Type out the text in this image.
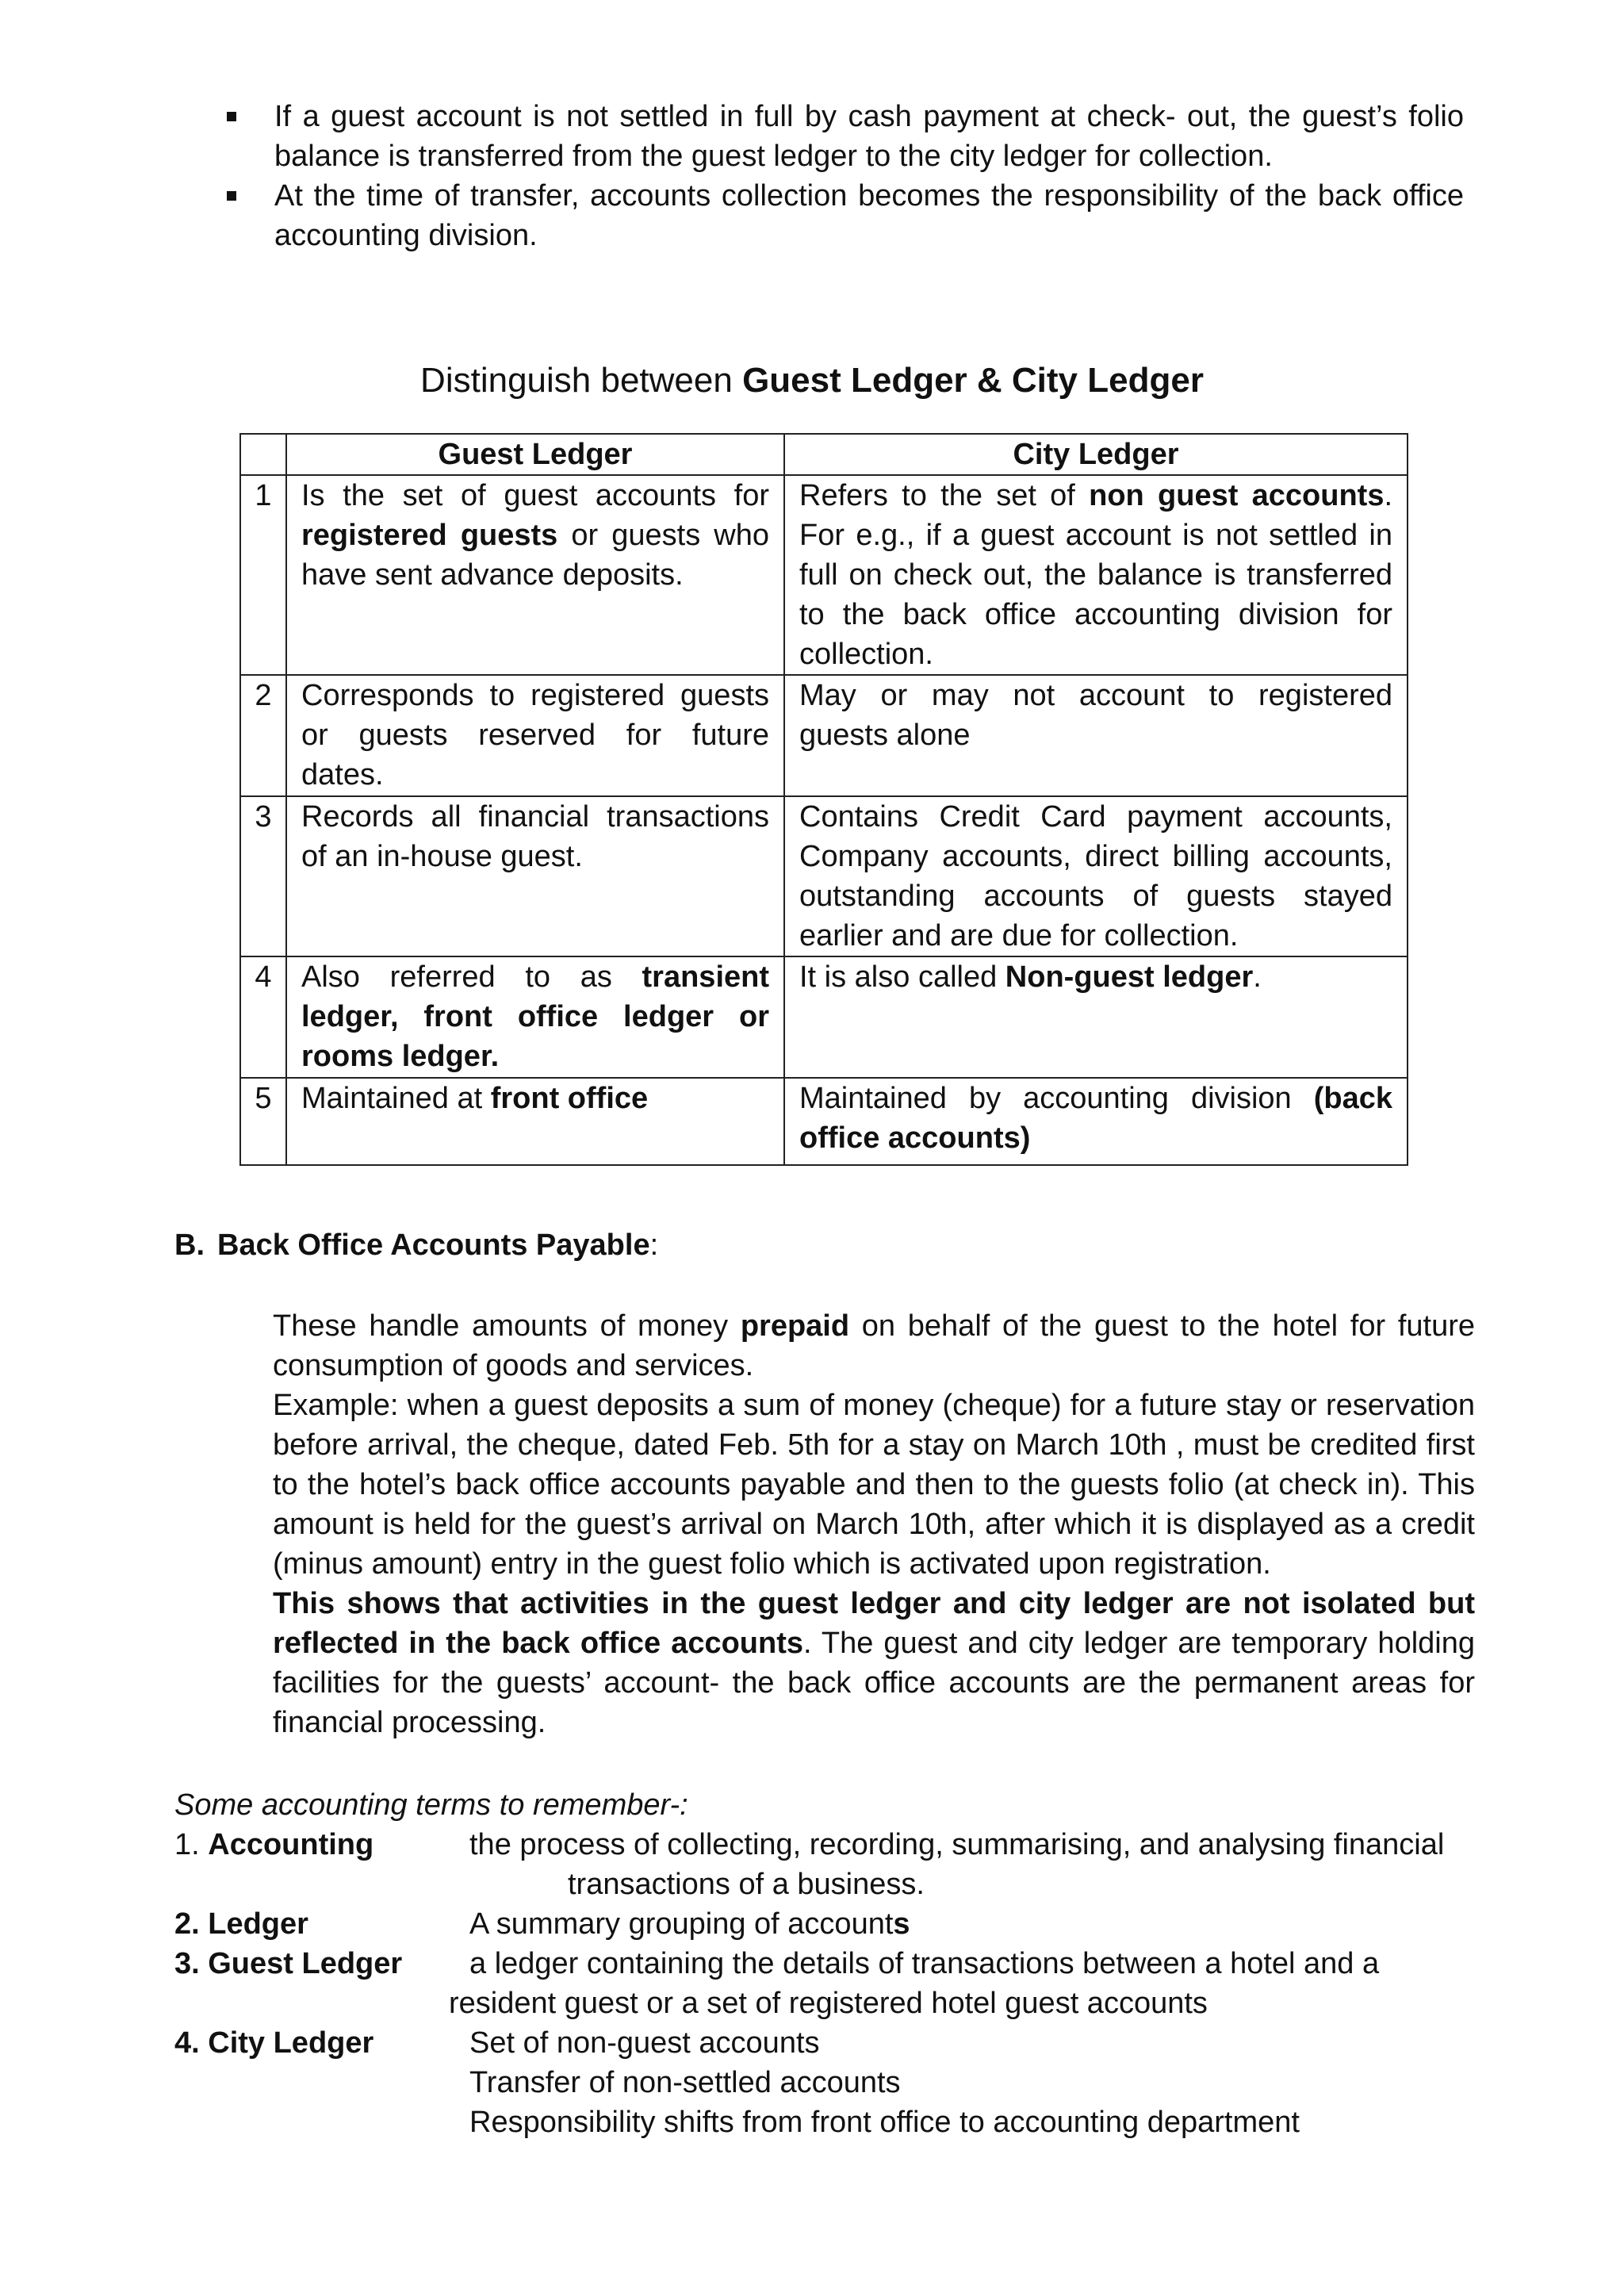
If a guest account is not settled in full by cash payment at check- out, the guest’s folio balance is transferred from the guest ledger to the city ledger for collection.
At the time of transfer, accounts collection becomes the responsibility of the back office accounting division.
Distinguish between Guest Ledger & City Ledger
	Guest Ledger	City Ledger
1	Is the set of guest accounts for registered guests or guests who have sent advance deposits.	Refers to the set of non guest accounts. For e.g., if a guest account is not settled in full on check out, the balance is transferred to the back office accounting division for collection.
2	Corresponds to registered guests or guests reserved for future dates.	May or may not account to registered guests alone
3	Records all financial transactions of an in-house guest.	Contains Credit Card payment accounts, Company accounts, direct billing accounts, outstanding accounts of guests stayed earlier and are due for collection.
4	Also referred to as transient ledger, front office ledger or rooms ledger.	It is also called Non-guest ledger.
5	Maintained at front office	Maintained by accounting division (back office accounts)
B. Back Office Accounts Payable:

These handle amounts of money prepaid on behalf of the guest to the hotel for future consumption of goods and services.

Example: when a guest deposits a sum of money (cheque) for a future stay or reservation before arrival, the cheque, dated Feb. 5th for a stay on March 10th , must be credited first to the hotel’s back office accounts payable and then to the guests folio (at check in). This amount is held for the guest’s arrival on March 10th, after which it is displayed as a credit (minus amount) entry in the guest folio which is activated upon registration.

This shows that activities in the guest ledger and city ledger are not isolated but reflected in the back office accounts. The guest and city ledger are temporary holding facilities for the guests’ account- the back office accounts are the permanent areas for financial processing.

Some accounting terms to remember-:
1. Accounting	the process of collecting, recording, summarising, and analysing financial
transactions of a business.
2. Ledger	A summary grouping of accounts
3. Guest Ledger a ledger containing the details of transactions between a hotel and a
resident guest or a set of registered hotel guest accounts
4. City Ledger	Set of non-guest accounts
Transfer of non-settled accounts
Responsibility shifts from front office to accounting department
